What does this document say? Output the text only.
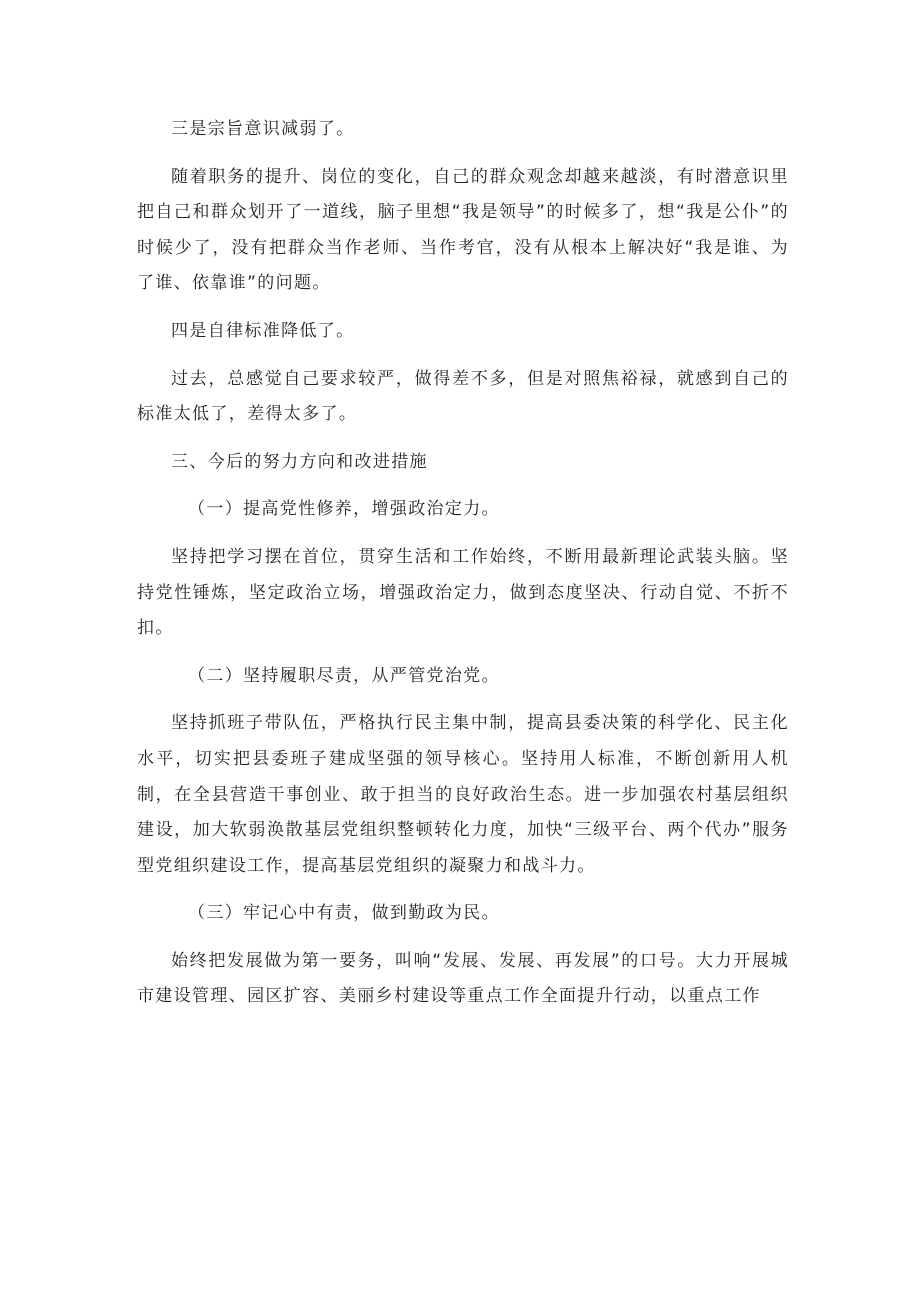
三是宗旨意识减弱了。

随着职务的提升、岗位的变化，自己的群众观念却越来越淡，有时潜意识里把自己和群众划开了一道线，脑子里想“我是领导”的时候多了，想“我是公仆”的时候少了，没有把群众当作老师、当作考官，没有从根本上解决好“我是谁、为了谁、依靠谁”的问题。

四是自律标准降低了。

过去，总感觉自己要求较严，做得差不多，但是对照焦裕禄，就感到自己的标准太低了，差得太多了。

三、今后的努力方向和改进措施

（一）提高党性修养，增强政治定力。

坚持把学习摆在首位，贯穿生活和工作始终，不断用最新理论武装头脑。坚持党性锤炼，坚定政治立场，增强政治定力，做到态度坚决、行动自觉、不折不扣。

（二）坚持履职尽责，从严管党治党。

坚持抓班子带队伍，严格执行民主集中制，提高县委决策的科学化、民主化水平，切实把县委班子建成坚强的领导核心。坚持用人标准，不断创新用人机制，在全县营造干事创业、敢于担当的良好政治生态。进一步加强农村基层组织建设，加大软弱涣散基层党组织整顿转化力度，加快“三级平台、两个代办”服务型党组织建设工作，提高基层党组织的凝聚力和战斗力。

（三）牢记心中有责，做到勤政为民。

始终把发展做为第一要务，叫响“发展、发展、再发展”的口号。大力开展城市建设管理、园区扩容、美丽乡村建设等重点工作全面提升行动，以重点工作
